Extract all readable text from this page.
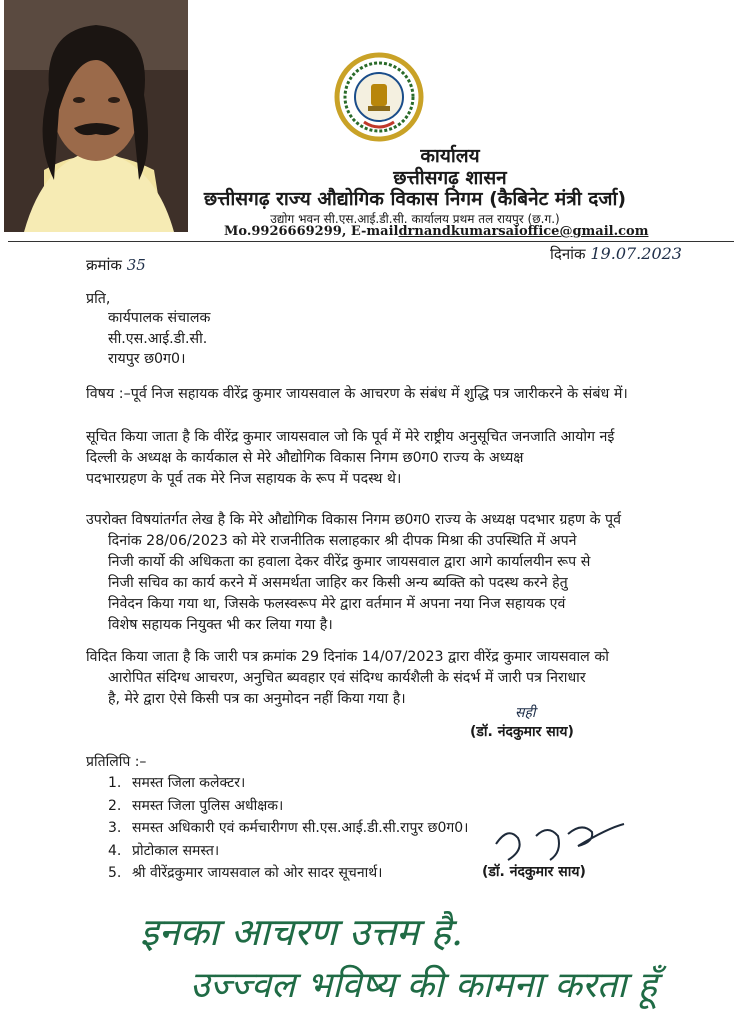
कार्यालय
छत्तीसगढ़ शासन
छत्तीसगढ़ राज्य औद्योगिक विकास निगम (कैबिनेट मंत्री दर्जा)
उद्योग भवन सी.एस.आई.डी.सी. कार्यालय प्रथम तल रायपुर (छ.ग.)
Mo.9926669299, E-maildrnandkumarsaioffice@gmail.com
दिनांक 19.07.2023
क्रमांक 35
प्रति,
कार्यपालक संचालक
सी.एस.आई.डी.सी.
रायपुर छ0ग0।
विषय :–पूर्व निज सहायक वीरेंद्र कुमार जायसवाल के आचरण के संबंध में शुद्धि पत्र जारीकरने के संबंध में।
सूचित किया जाता है कि वीरेंद्र कुमार जायसवाल जो कि पूर्व में मेरे राष्ट्रीय अनुसूचित जनजाति आयोग नई
दिल्ली के अध्यक्ष के कार्यकाल से मेरे औद्योगिक विकास निगम छ0ग0 राज्य के अध्यक्ष
पदभारग्रहण के पूर्व तक मेरे निज सहायक के रूप में पदस्थ थे।
उपरोक्त विषयांतर्गत लेख है कि मेरे औद्योगिक विकास निगम छ0ग0 राज्य के अध्यक्ष पदभार ग्रहण के पूर्व
दिनांक 28/06/2023 को मेरे राजनीतिक सलाहकार श्री दीपक मिश्रा की उपस्थिति में अपने
निजी कार्यो की अधिकता का हवाला देकर वीरेंद्र कुमार जायसवाल द्वारा आगे कार्यालयीन रूप से
निजी सचिव का कार्य करने में असमर्थता जाहिर कर किसी अन्य ब्यक्ति को पदस्थ करने हेतु
निवेदन किया गया था, जिसके फलस्वरूप मेरे द्वारा वर्तमान में अपना नया निज सहायक एवं
विशेष सहायक नियुक्त भी कर लिया गया है।
विदित किया जाता है कि जारी पत्र क्रमांक 29 दिनांक 14/07/2023 द्वारा वीरेंद्र कुमार जायसवाल को
आरोपित संदिग्ध आचरण, अनुचित ब्यवहार एवं संदिग्ध कार्यशैली के संदर्भ में जारी पत्र निराधार
है, मेरे द्वारा ऐसे किसी पत्र का अनुमोदन नहीं किया गया है।
सही
(डॉ. नंदकुमार साय)
प्रतिलिपि :–
1. समस्त जिला कलेक्टर।
2. समस्त जिला पुलिस अधीक्षक।
3. समस्त अधिकारी एवं कर्मचारीगण सी.एस.आई.डी.सी.रापुर छ0ग0।
4. प्रोटोकाल समस्त।
5. श्री वीरेंद्रकुमार जायसवाल को ओर सादर सूचनार्थ।	(डॉ. नंदकुमार साय)
इनका आचरण उत्तम है.
उज्ज्वल भविष्य की कामना करता हूँ
